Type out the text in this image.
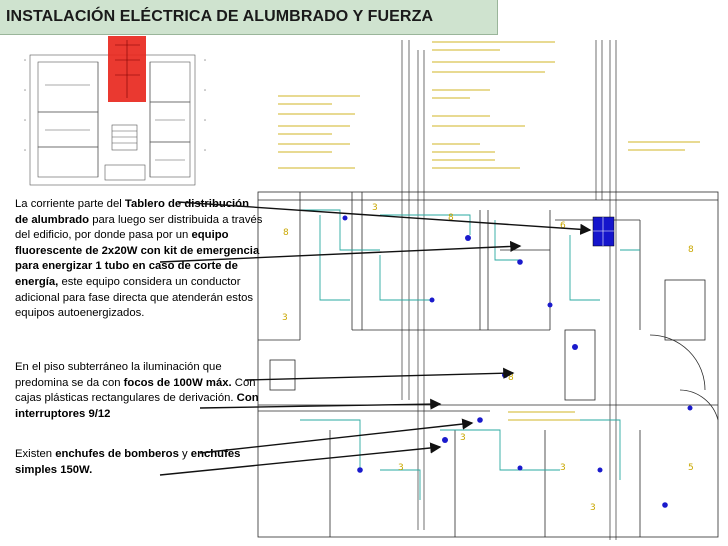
8
3
8
6
8
3
3
3
3
3	5
8
INSTALACIÓN ELÉCTRICA DE ALUMBRADO Y FUERZA
La corriente parte del Tablero de distribución de alumbrado para luego ser distribuida a través del edificio, por donde pasa por un equipo fluorescente de 2x20W con kit de emergencia para energizar 1 tubo en caso de corte de energía, este equipo considera un conductor adicional para fase directa que atenderán estos equipos autoenergizados.
En el piso subterráneo la iluminación que predomina se da con focos de 100W máx. Con cajas plásticas rectangulares de derivación. Con interruptores 9/12
Existen enchufes de bomberos y enchufes simples 150W.
